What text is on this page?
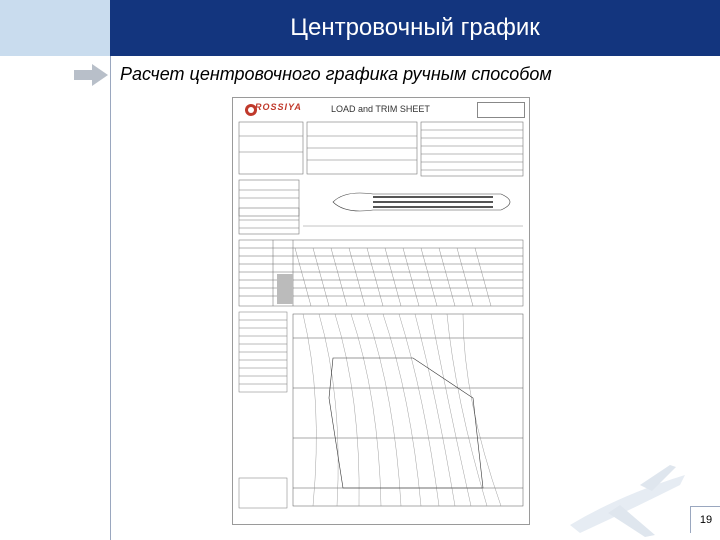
Центровочный график
Расчет центровочного графика ручным способом
ROSSIYA	LOAD and TRIM SHEET
19
